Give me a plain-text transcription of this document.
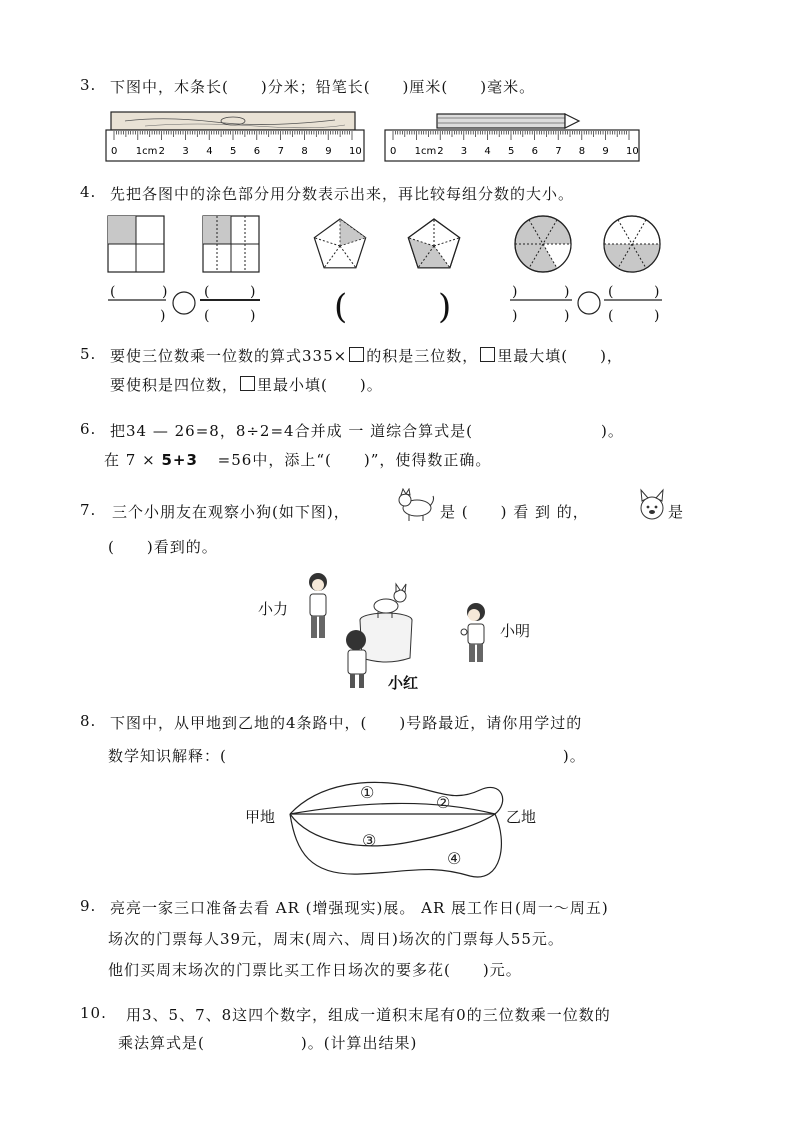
3. 下图中，木条长(　　)分米；铅笔长(　　)厘米(　　)毫米。
0 1cm 2 3 4 5 6 7 8 9 10	0 1cm 2 3 4 5 6 7 8 9 10
4. 先把各图中的涂色部分用分数表示出来，再比较每组分数的大小。
(	)
)
(	)
(	) (	)	)	)
)	)
(	)
(	)
5. 要使三位数乘一位数的算式335× 的积是三位数， 里最大填(　　)，
要使积是四位数， 里最小填(　　)。
6. 把34 — 26=8，8÷2=4合并成 一 道综合算式是(　　　　　　　　)。
在 7 × 5+3 =56中，添上“(　　)”，使得数正确。
7. 三个小朋友在观察小狗(如下图)，	是 (　　) 看 到 的，	是
(　　)看到的。
小力
小明
小红
8. 下图中，从甲地到乙地的4条路中，(　　)号路最近，请你用学过的
数学知识解释：(　　　　　　　　　　　　　　　　　　　　　)。
①
②
③
④
甲地	乙地
9. 亮亮一家三口准备去看 AR (增强现实)展。 AR 展工作日(周一～周五)
场次的门票每人39元，周末(周六、周日)场次的门票每人55元。
他们买周末场次的门票比买工作日场次的要多花(　　)元。
10. 用3、5、7、8这四个数字，组成一道积末尾有0的三位数乘一位数的
乘法算式是(　　　　　　)。(计算出结果)
